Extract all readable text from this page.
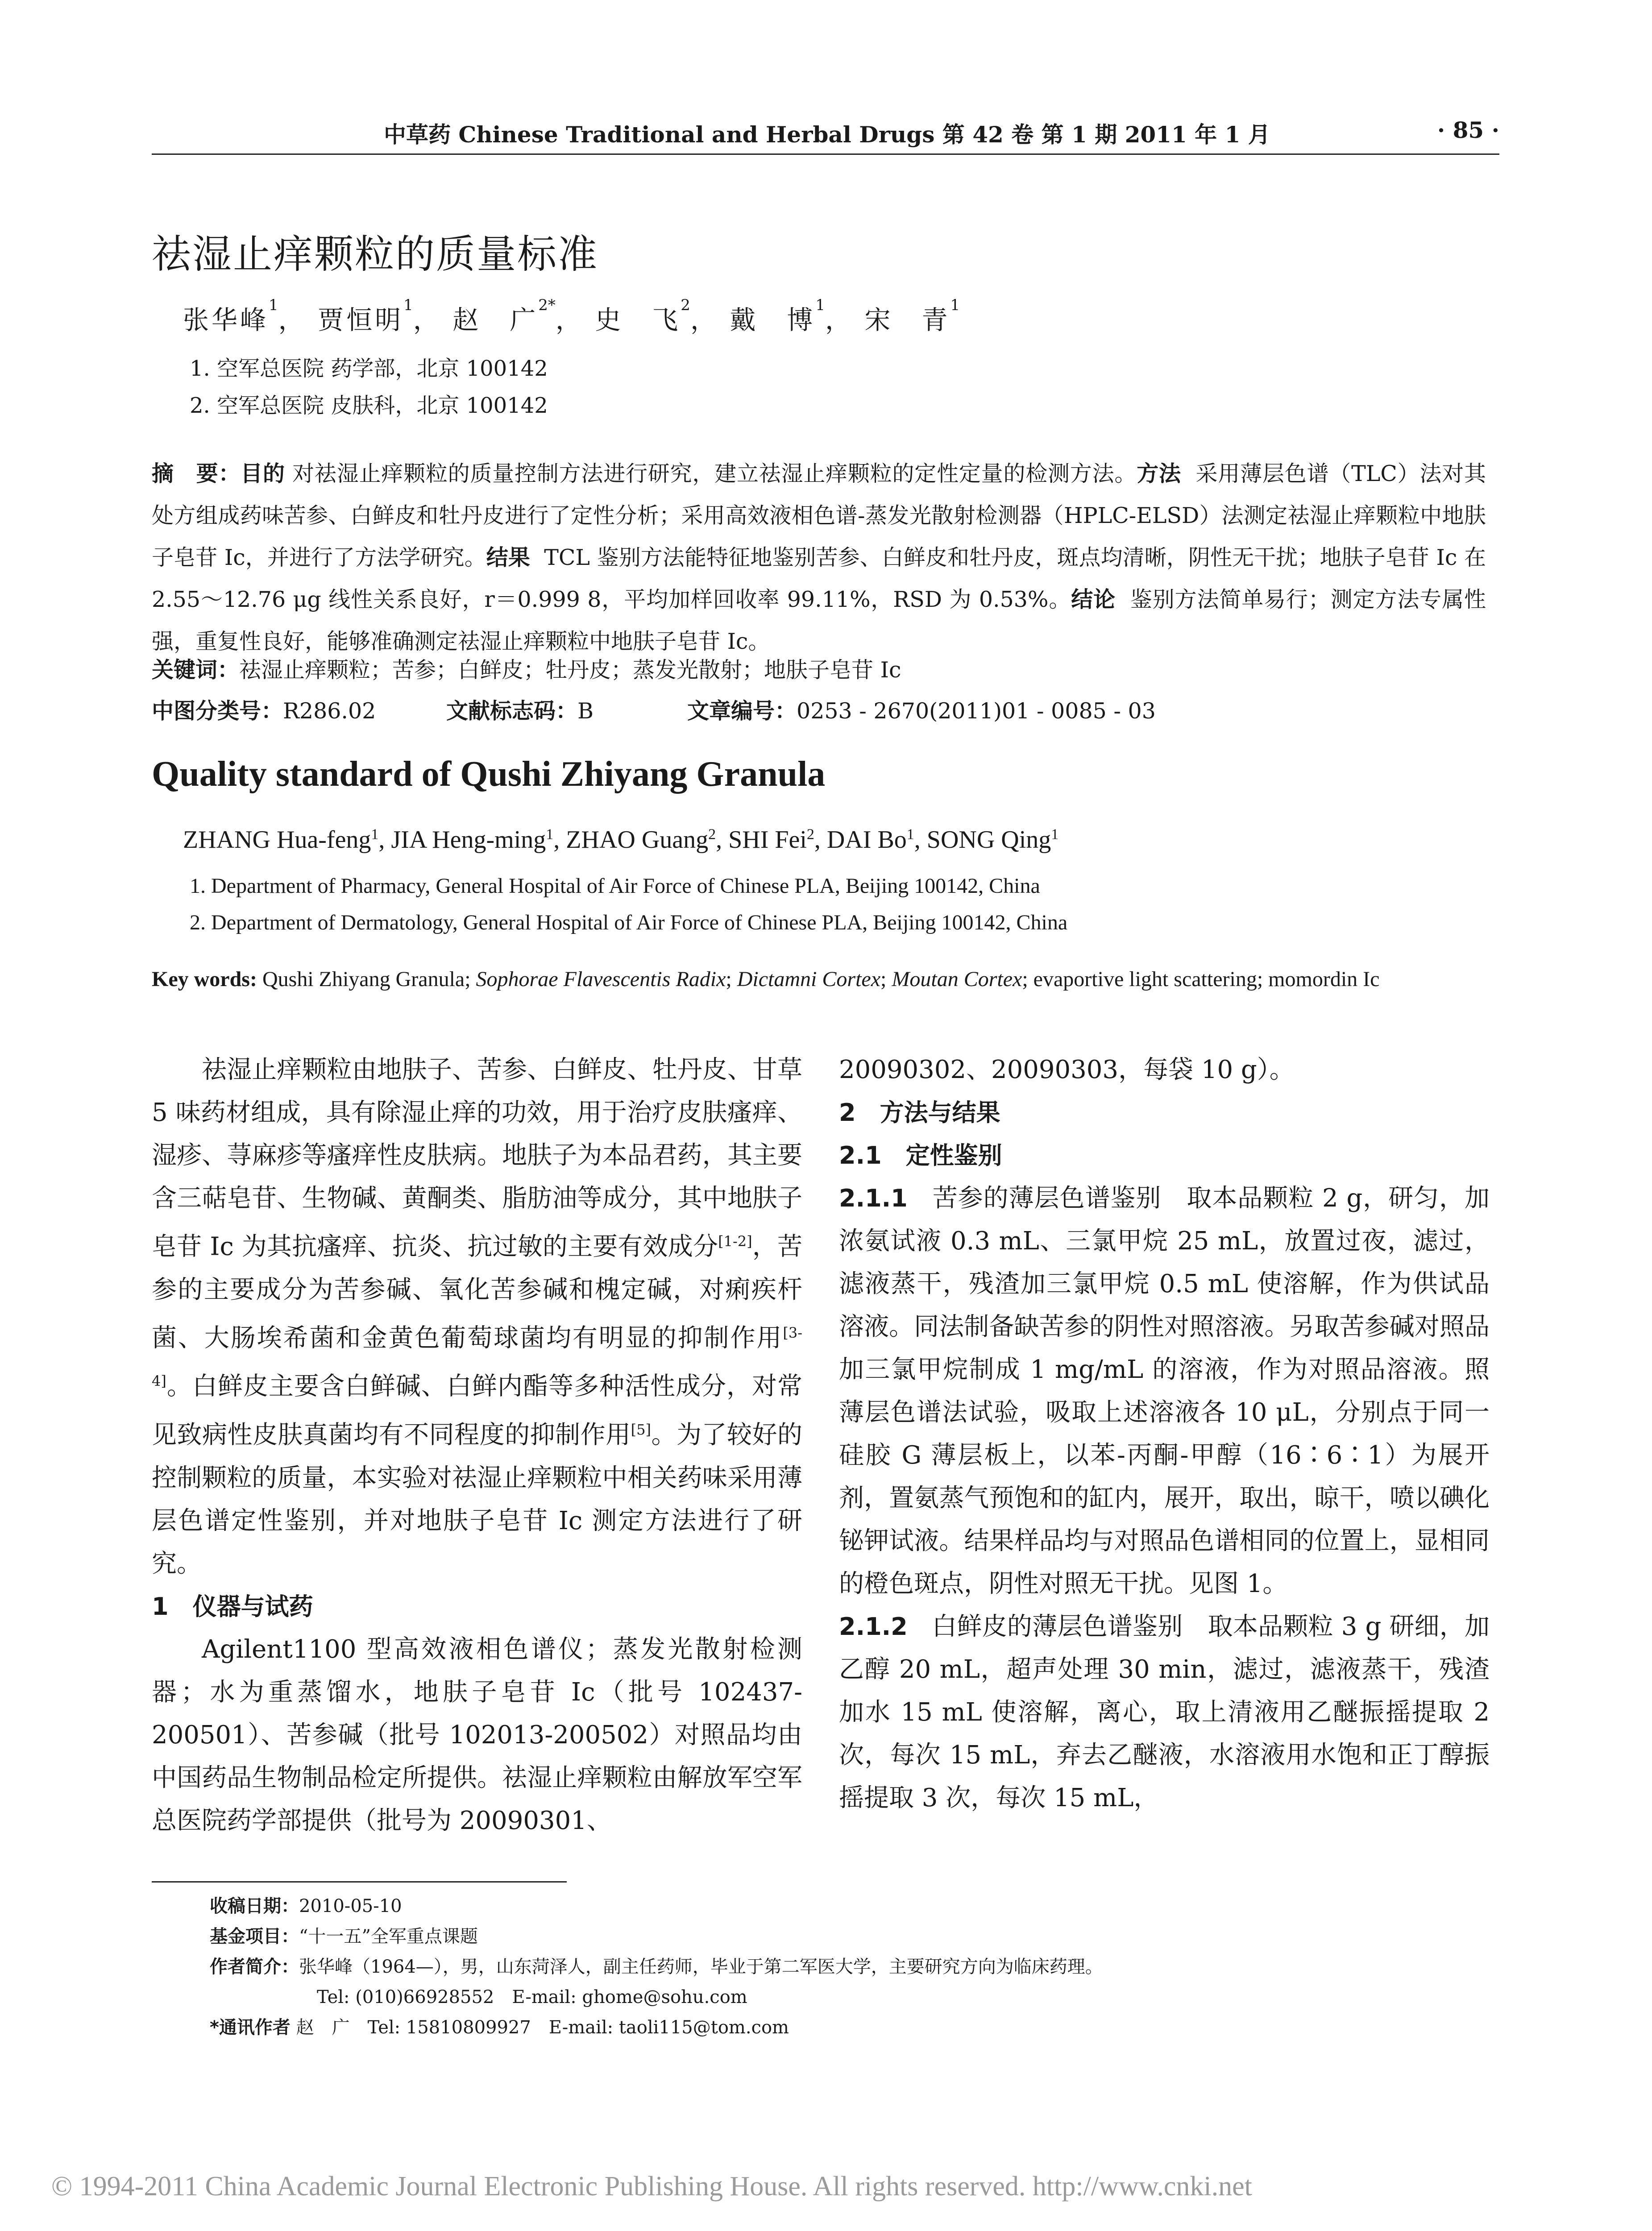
中草药 Chinese Traditional and Herbal Drugs 第 42 卷 第 1 期 2011 年 1 月	· 85 ·
祛湿止痒颗粒的质量标准
张华峰$^1$， 贾恒明$^1$， 赵　广$^{2*}$， 史　飞$^2$， 戴　博$^1$， 宋　青$^1$
1. 空军总医院 药学部，北京 100142
2. 空军总医院 皮肤科，北京 100142
摘　要：目的 对祛湿止痒颗粒的质量控制方法进行研究，建立祛湿止痒颗粒的定性定量的检测方法。方法 采用薄层色谱（TLC）法对其处方组成药味苦参、白鲜皮和牡丹皮进行了定性分析；采用高效液相色谱-蒸发光散射检测器（HPLC-ELSD）法测定祛湿止痒颗粒中地肤子皂苷 Ic，并进行了方法学研究。结果 TCL 鉴别方法能特征地鉴别苦参、白鲜皮和牡丹皮，斑点均清晰，阴性无干扰；地肤子皂苷 Ic 在 2.55～12.76 μg 线性关系良好，r＝0.999 8，平均加样回收率 99.11%，RSD 为 0.53%。结论 鉴别方法简单易行；测定方法专属性强，重复性良好，能够准确测定祛湿止痒颗粒中地肤子皂苷 Ic。
关键词：祛湿止痒颗粒；苦参；白鲜皮；牡丹皮；蒸发光散射；地肤子皂苷 Ic
中图分类号：R286.02	文献标志码：B	文章编号：0253 - 2670(2011)01 - 0085 - 03
Quality standard of Qushi Zhiyang Granula
ZHANG Hua-feng$^1$, JIA Heng-ming$^1$, ZHAO Guang$^2$, SHI Fei$^2$, DAI Bo$^1$, SONG Qing$^1$
1. Department of Pharmacy, General Hospital of Air Force of Chinese PLA, Beijing 100142, China
2. Department of Dermatology, General Hospital of Air Force of Chinese PLA, Beijing 100142, China
Key words: Qushi Zhiyang Granula; Sophorae Flavescentis Radix; Dictamni Cortex; Moutan Cortex; evaportive light scattering; momordin Ic

祛湿止痒颗粒由地肤子、苦参、白鲜皮、牡丹皮、甘草 5 味药材组成，具有除湿止痒的功效，用于治疗皮肤瘙痒、湿疹、荨麻疹等瘙痒性皮肤病。地肤子为本品君药，其主要含三萜皂苷、生物碱、黄酮类、脂肪油等成分，其中地肤子皂苷 Ic 为其抗瘙痒、抗炎、抗过敏的主要有效成分[1-2]，苦参的主要成分为苦参碱、氧化苦参碱和槐定碱，对痢疾杆菌、大肠埃希菌和金黄色葡萄球菌均有明显的抑制作用[3-4]。白鲜皮主要含白鲜碱、白鲜内酯等多种活性成分，对常见致病性皮肤真菌均有不同程度的抑制作用[5]。为了较好的控制颗粒的质量，本实验对祛湿止痒颗粒中相关药味采用薄层色谱定性鉴别，并对地肤子皂苷 Ic 测定方法进行了研究。

1　仪器与试药

Agilent1100 型高效液相色谱仪；蒸发光散射检测器；水为重蒸馏水，地肤子皂苷 Ic（批号 102437-200501）、苦参碱（批号 102013-200502）对照品均由中国药品生物制品检定所提供。祛湿止痒颗粒由解放军空军总医院药学部提供（批号为 20090301、

20090302、20090303，每袋 10 g）。

2　方法与结果

2.1　定性鉴别

2.1.1　苦参的薄层色谱鉴别　取本品颗粒 2 g，研匀，加浓氨试液 0.3 mL、三氯甲烷 25 mL，放置过夜，滤过，滤液蒸干，残渣加三氯甲烷 0.5 mL 使溶解，作为供试品溶液。同法制备缺苦参的阴性对照溶液。另取苦参碱对照品加三氯甲烷制成 1 mg/mL 的溶液，作为对照品溶液。照薄层色谱法试验，吸取上述溶液各 10 μL，分别点于同一硅胶 G 薄层板上，以苯-丙酮-甲醇（16∶6∶1）为展开剂，置氨蒸气预饱和的缸内，展开，取出，晾干，喷以碘化铋钾试液。结果样品均与对照品色谱相同的位置上，显相同的橙色斑点，阴性对照无干扰。见图 1。

2.1.2　白鲜皮的薄层色谱鉴别　取本品颗粒 3 g 研细，加乙醇 20 mL，超声处理 30 min，滤过，滤液蒸干，残渣加水 15 mL 使溶解，离心，取上清液用乙醚振摇提取 2 次，每次 15 mL，弃去乙醚液，水溶液用水饱和正丁醇振摇提取 3 次，每次 15 mL，

收稿日期：2010-05-10
基金项目：“十一五”全军重点课题
作者简介：张华峰（1964—），男，山东菏泽人，副主任药师，毕业于第二军医大学，主要研究方向为临床药理。
Tel: (010)66928552　E-mail: ghome@sohu.com
*通讯作者 赵　广　Tel: 15810809927　E-mail: taoli115@tom.com
© 1994-2011 China Academic Journal Electronic Publishing House. All rights reserved. http://www.cnki.net
